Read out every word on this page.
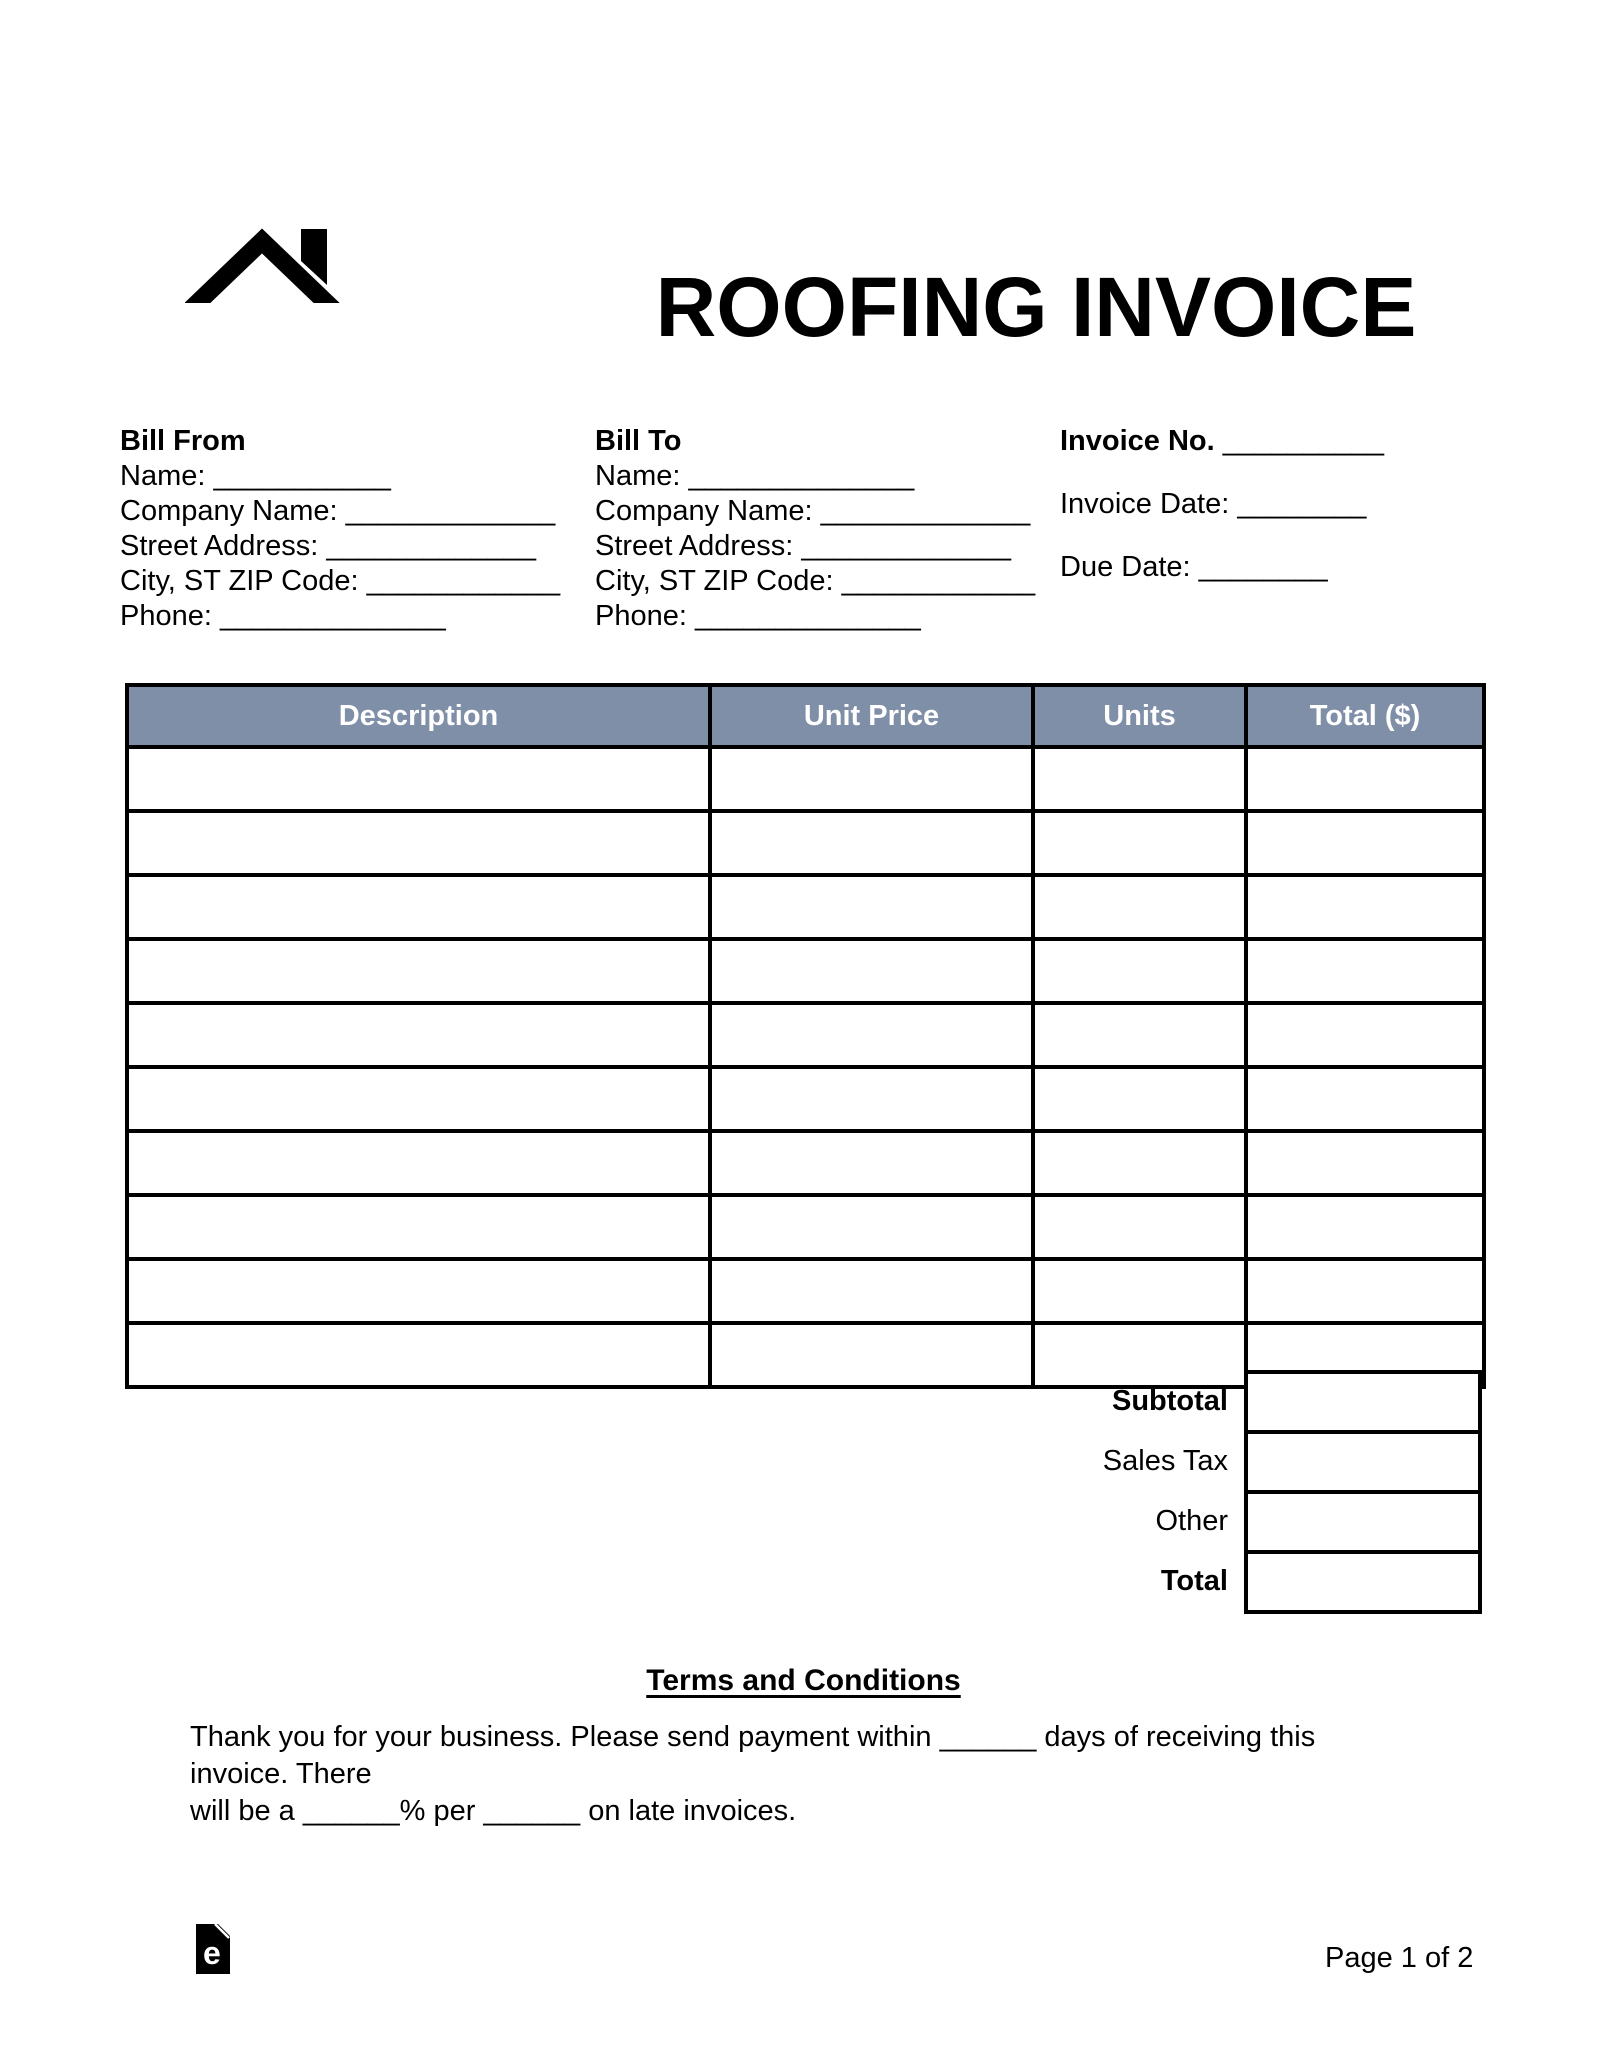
ROOFING INVOICE
Bill From
Name: ___________
Company Name: _____________
Street Address: _____________
City, ST ZIP Code: ____________
Phone: ______________
Bill To
Name: ______________
Company Name: _____________
Street Address: _____________
City, ST ZIP Code: ____________
Phone: ______________
Invoice No. __________
Invoice Date: ________
Due Date: ________
Description	Unit Price	Units	Total ($)

Subtotal
Sales Tax
Other
Total
Terms and Conditions
Thank you for your business. Please send payment within ______ days of receiving this invoice. There
will be a ______% per ______ on late invoices.
e	Page 1 of 2
